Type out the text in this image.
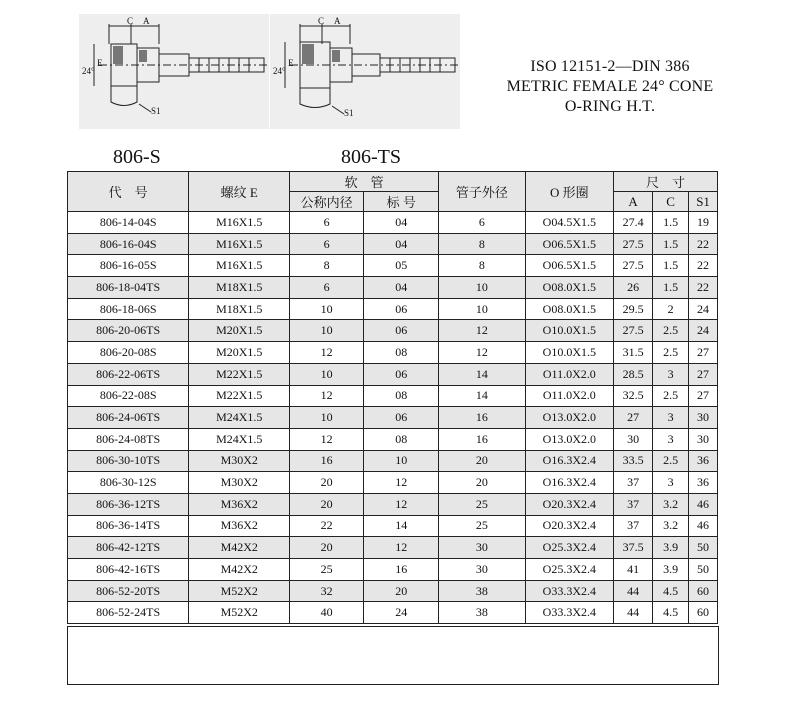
C A
24°
E
S1
C A
24°
E
S1
ISO 12151-2—DIN 386
METRIC FEMALE 24° CONE
O-RING H.T.
806-S	806-TS
代　号	螺纹 E	软　管		管子外径	O 形圈	尺　寸		
		公称内径	标 号			A	C	S1
806-14-04S	M16X1.5	6	04	6	O04.5X1.5	27.4	1.5	19
806-16-04S	M16X1.5	6	04	8	O06.5X1.5	27.5	1.5	22
806-16-05S	M16X1.5	8	05	8	O06.5X1.5	27.5	1.5	22
806-18-04TS	M18X1.5	6	04	10	O08.0X1.5	26	1.5	22
806-18-06S	M18X1.5	10	06	10	O08.0X1.5	29.5	2	24
806-20-06TS	M20X1.5	10	06	12	O10.0X1.5	27.5	2.5	24
806-20-08S	M20X1.5	12	08	12	O10.0X1.5	31.5	2.5	27
806-22-06TS	M22X1.5	10	06	14	O11.0X2.0	28.5	3	27
806-22-08S	M22X1.5	12	08	14	O11.0X2.0	32.5	2.5	27
806-24-06TS	M24X1.5	10	06	16	O13.0X2.0	27	3	30
806-24-08TS	M24X1.5	12	08	16	O13.0X2.0	30	3	30
806-30-10TS	M30X2	16	10	20	O16.3X2.4	33.5	2.5	36
806-30-12S	M30X2	20	12	20	O16.3X2.4	37	3	36
806-36-12TS	M36X2	20	12	25	O20.3X2.4	37	3.2	46
806-36-14TS	M36X2	22	14	25	O20.3X2.4	37	3.2	46
806-42-12TS	M42X2	20	12	30	O25.3X2.4	37.5	3.9	50
806-42-16TS	M42X2	25	16	30	O25.3X2.4	41	3.9	50
806-52-20TS	M52X2	32	20	38	O33.3X2.4	44	4.5	60
806-52-24TS	M52X2	40	24	38	O33.3X2.4	44	4.5	60
